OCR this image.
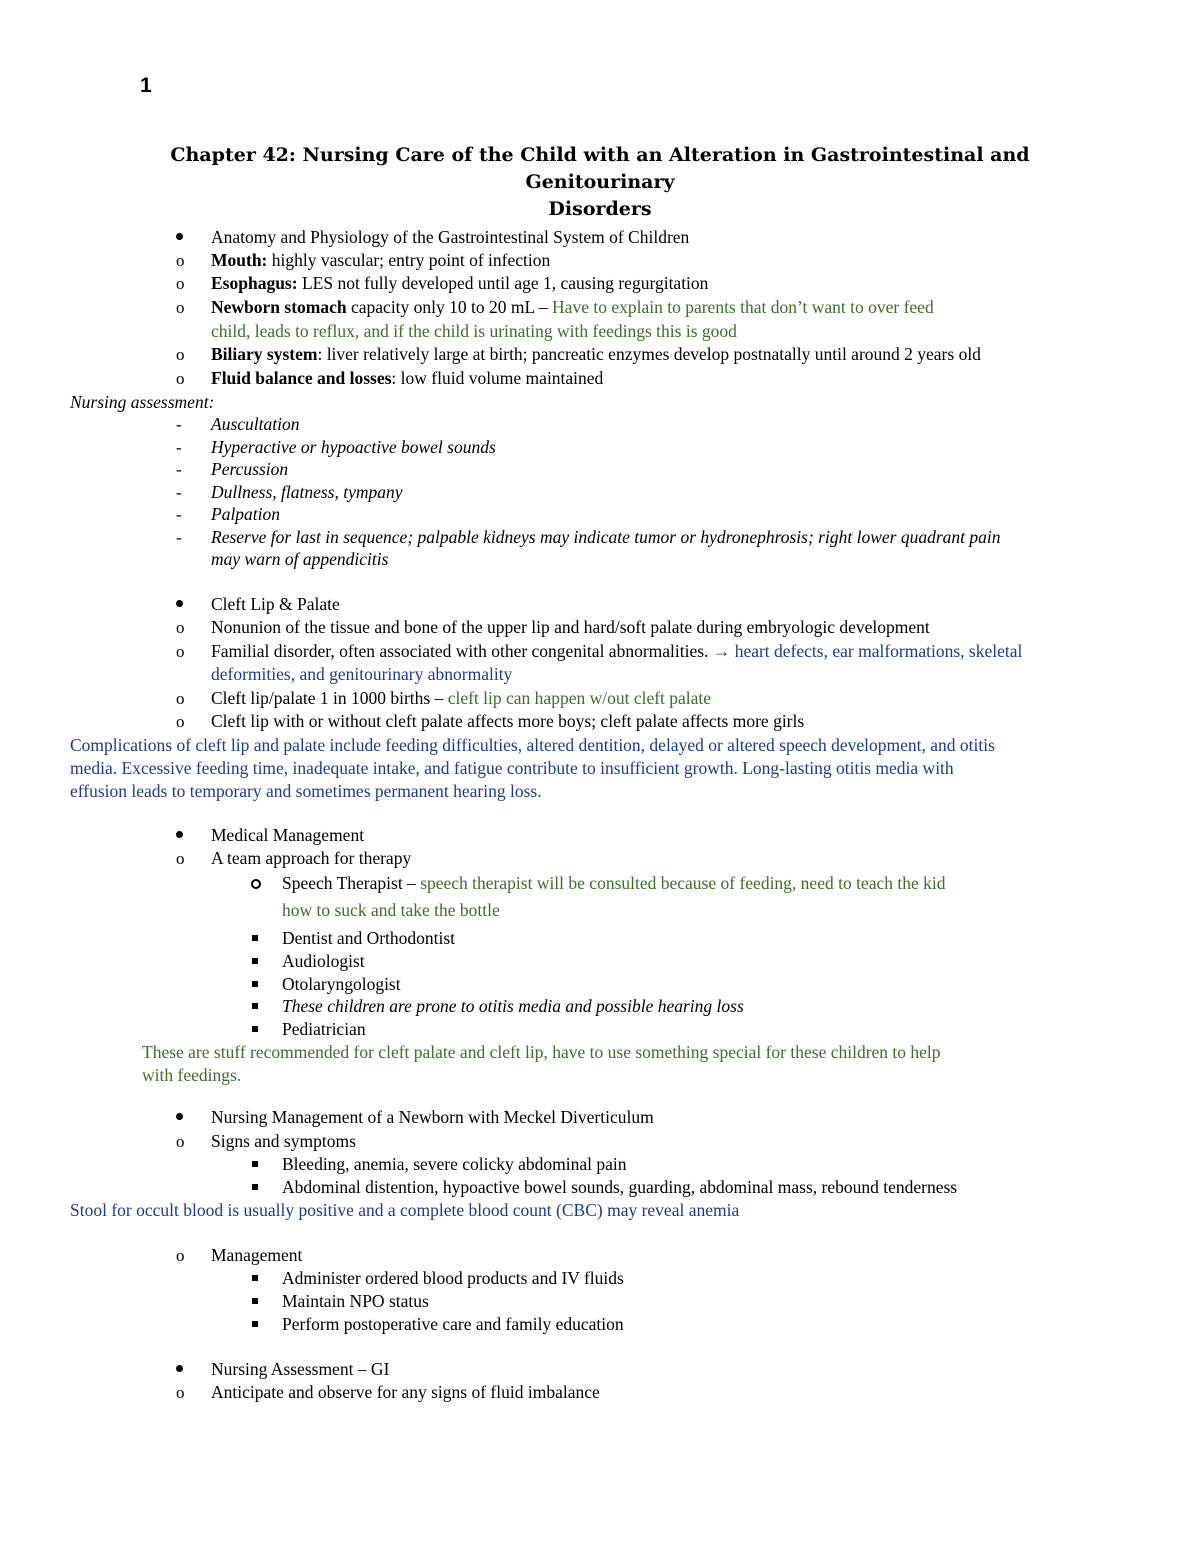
1
Chapter 42: Nursing Care of the Child with an Alteration in Gastrointestinal and Genitourinary
Disorders
Anatomy and Physiology of the Gastrointestinal System of Children
o Mouth: highly vascular; entry point of infection
o Esophagus: LES not fully developed until age 1, causing regurgitation
o Newborn stomach capacity only 10 to 20 mL – Have to explain to parents that don’t want to over feed
child, leads to reflux, and if the child is urinating with feedings this is good
o Biliary system: liver relatively large at birth; pancreatic enzymes develop postnatally until around 2 years old
o Fluid balance and losses: low fluid volume maintained
Nursing assessment:
- Auscultation
- Hyperactive or hypoactive bowel sounds
- Percussion
- Dullness, flatness, tympany
- Palpation
- Reserve for last in sequence; palpable kidneys may indicate tumor or hydronephrosis; right lower quadrant pain
may warn of appendicitis
Cleft Lip & Palate
o Nonunion of the tissue and bone of the upper lip and hard/soft palate during embryologic development
o Familial disorder, often associated with other congenital abnormalities. → heart defects, ear malformations, skeletal
deformities, and genitourinary abnormality
o Cleft lip/palate 1 in 1000 births – cleft lip can happen w/out cleft palate
o Cleft lip with or without cleft palate affects more boys; cleft palate affects more girls
Complications of cleft lip and palate include feeding difficulties, altered dentition, delayed or altered speech development, and otitis
media. Excessive feeding time, inadequate intake, and fatigue contribute to insufficient growth. Long-lasting otitis media with
effusion leads to temporary and sometimes permanent hearing loss.
Medical Management
o A team approach for therapy
Speech Therapist – speech therapist will be consulted because of feeding, need to teach the kid
how to suck and take the bottle
Dentist and Orthodontist
Audiologist
Otolaryngologist
These children are prone to otitis media and possible hearing loss
Pediatrician
These are stuff recommended for cleft palate and cleft lip, have to use something special for these children to help
with feedings.
Nursing Management of a Newborn with Meckel Diverticulum
o Signs and symptoms
Bleeding, anemia, severe colicky abdominal pain
Abdominal distention, hypoactive bowel sounds, guarding, abdominal mass, rebound tenderness
Stool for occult blood is usually positive and a complete blood count (CBC) may reveal anemia
o Management
Administer ordered blood products and IV fluids
Maintain NPO status
Perform postoperative care and family education
Nursing Assessment – GI
o Anticipate and observe for any signs of fluid imbalance
